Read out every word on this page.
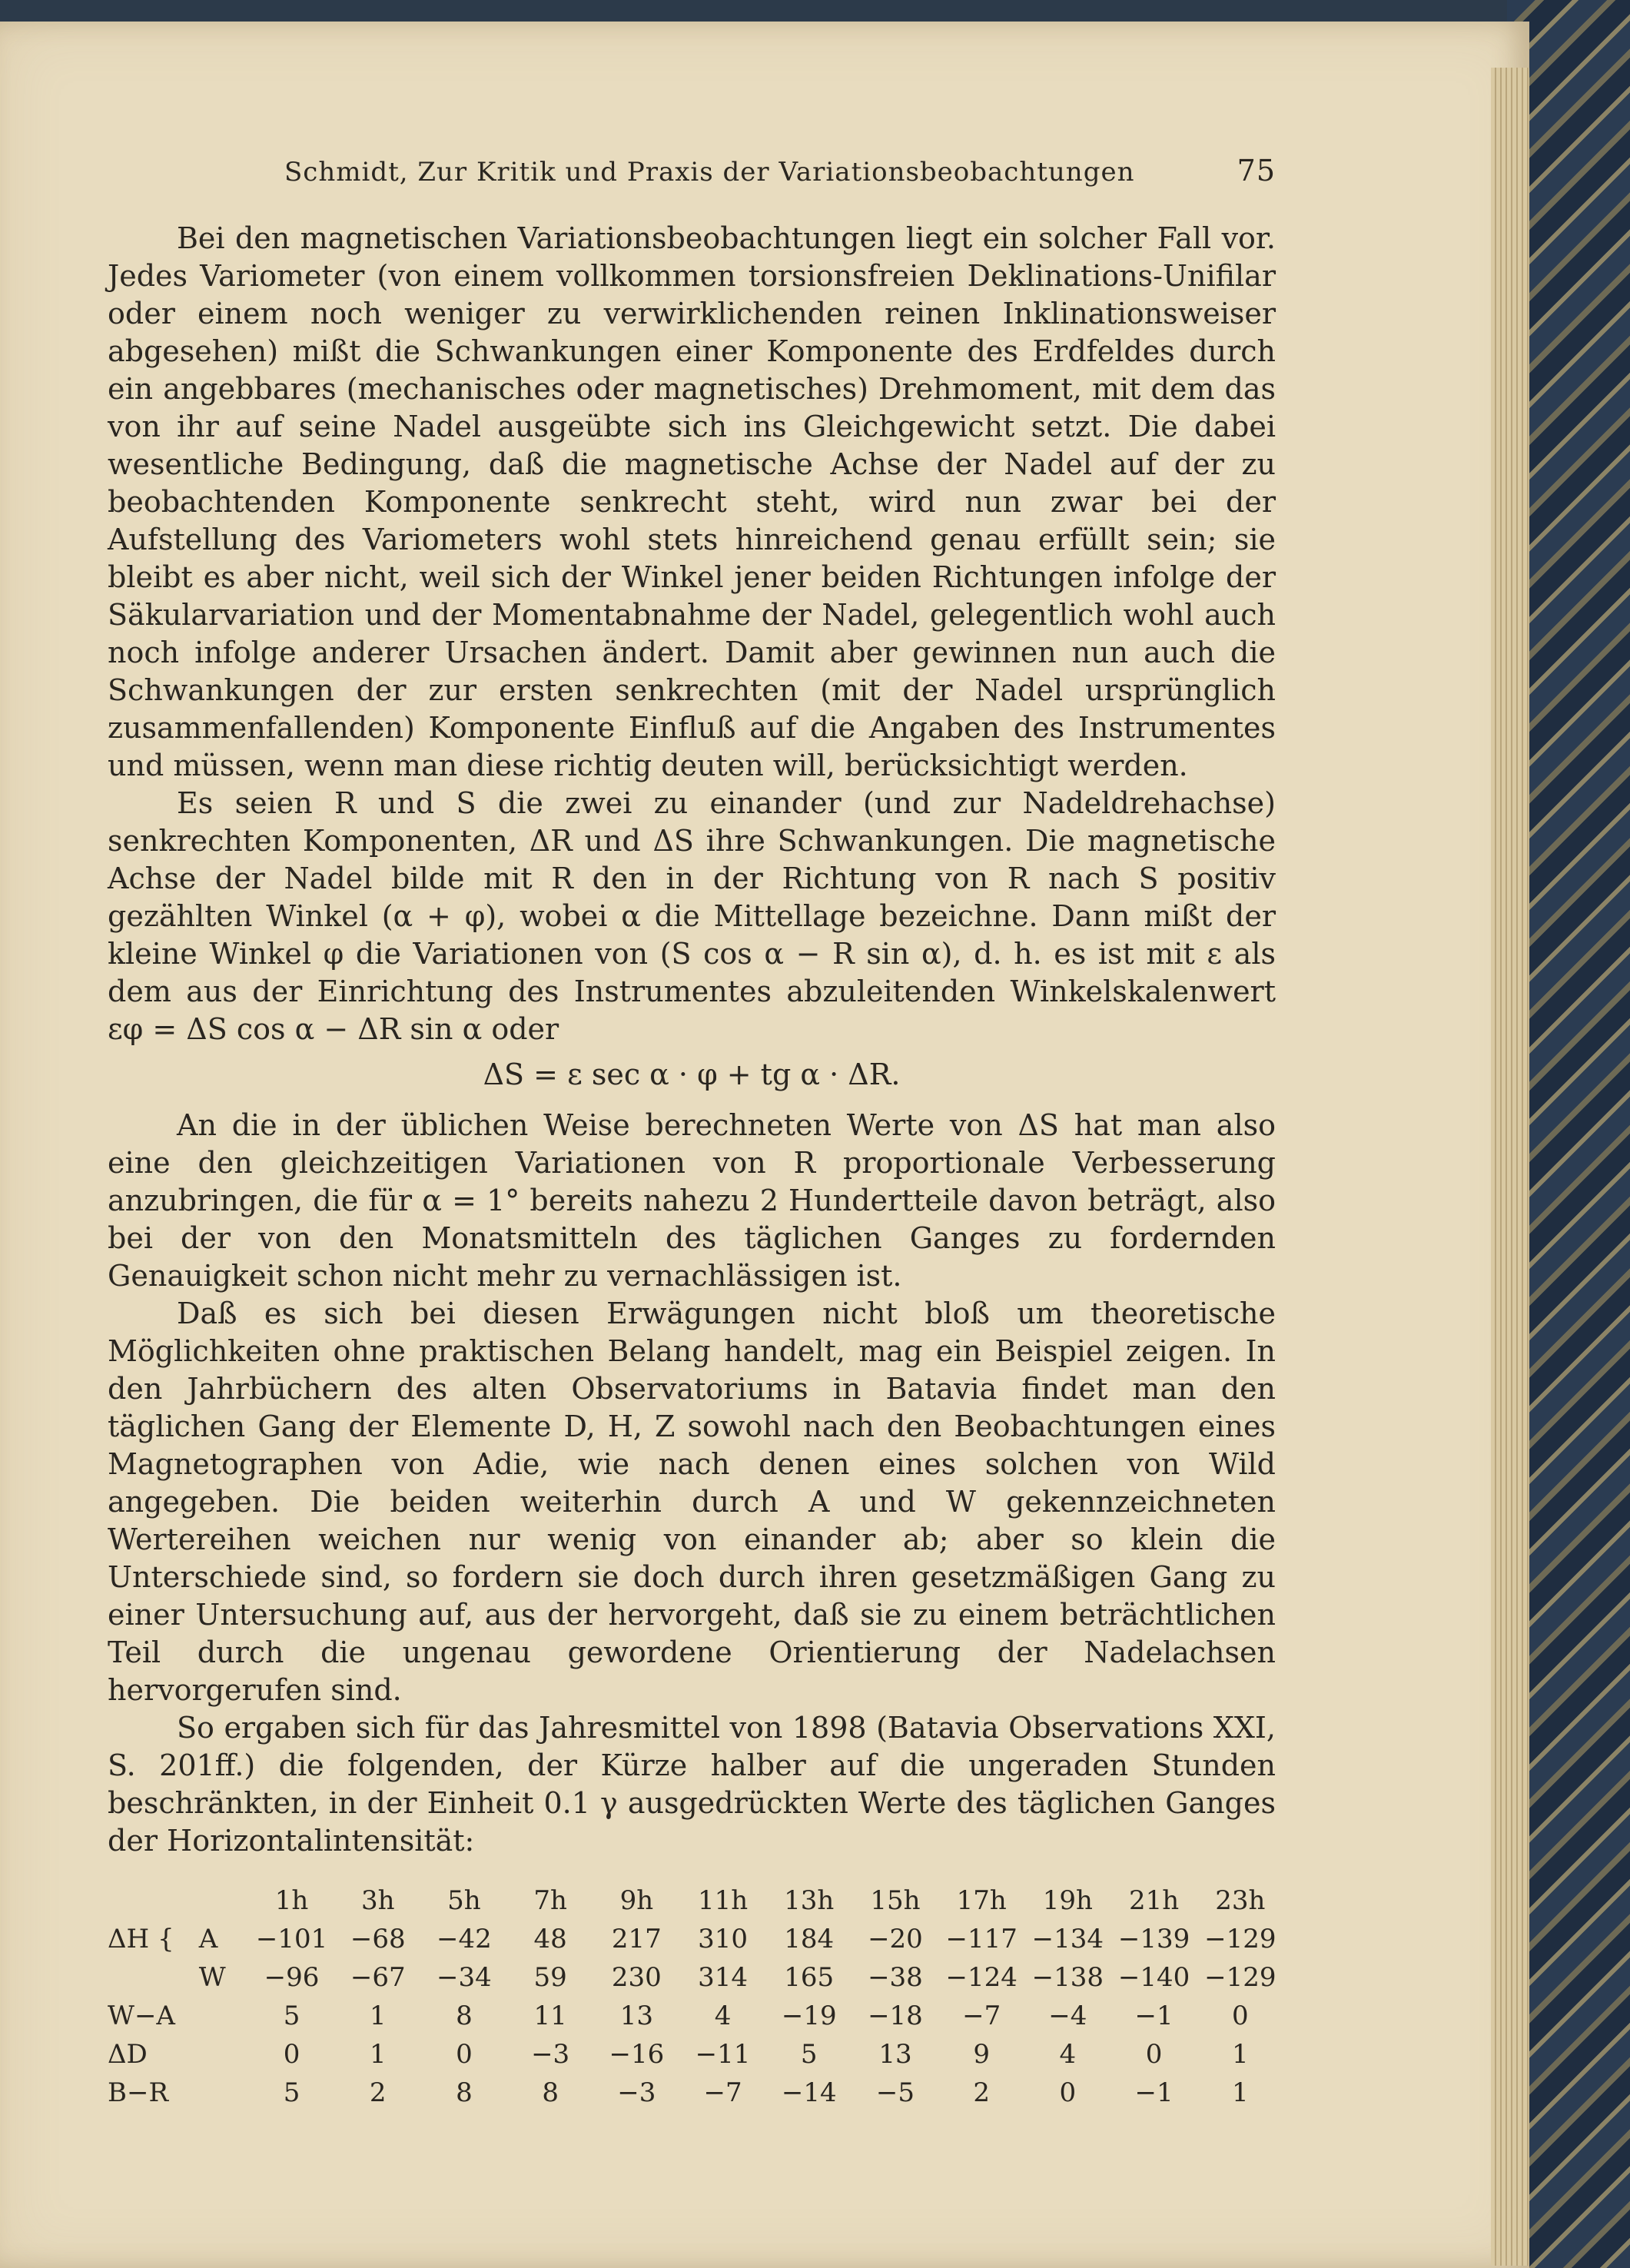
Schmidt, Zur Kritik und Praxis der Variationsbeobachtungen	75

Bei den magnetischen Variationsbeobachtungen liegt ein solcher Fall vor. Jedes Variometer (von einem vollkommen torsionsfreien Deklinations-Unifilar oder einem noch weniger zu verwirklichenden reinen Inklinationsweiser abgesehen) mißt die Schwankungen einer Komponente des Erdfeldes durch ein angebbares (mechanisches oder magnetisches) Drehmoment, mit dem das von ihr auf seine Nadel ausgeübte sich ins Gleichgewicht setzt. Die dabei wesentliche Bedingung, daß die magnetische Achse der Nadel auf der zu beobachtenden Komponente senkrecht steht, wird nun zwar bei der Aufstellung des Variometers wohl stets hinreichend genau erfüllt sein; sie bleibt es aber nicht, weil sich der Winkel jener beiden Richtungen infolge der Säkularvariation und der Momentabnahme der Nadel, gelegentlich wohl auch noch infolge anderer Ursachen ändert. Damit aber gewinnen nun auch die Schwankungen der zur ersten senkrechten (mit der Nadel ursprünglich zusammenfallenden) Komponente Einfluß auf die Angaben des Instrumentes und müssen, wenn man diese richtig deuten will, berücksichtigt werden.

Es seien R und S die zwei zu einander (und zur Nadeldrehachse) senkrechten Komponenten, ΔR und ΔS ihre Schwankungen. Die magnetische Achse der Nadel bilde mit R den in der Richtung von R nach S positiv gezählten Winkel (α + φ), wobei α die Mittellage bezeichne. Dann mißt der kleine Winkel φ die Variationen von (S cos α − R sin α), d. h. es ist mit ε als dem aus der Einrichtung des Instrumentes abzuleitenden Winkelskalenwert εφ = ΔS cos α − ΔR sin α oder

ΔS = ε sec α · φ + tg α · ΔR.

An die in der üblichen Weise berechneten Werte von ΔS hat man also eine den gleichzeitigen Variationen von R proportionale Verbesserung anzubringen, die für α = 1° bereits nahezu 2 Hundertteile davon beträgt, also bei der von den Monatsmitteln des täglichen Ganges zu fordernden Genauigkeit schon nicht mehr zu vernachlässigen ist.

Daß es sich bei diesen Erwägungen nicht bloß um theoretische Möglichkeiten ohne praktischen Belang handelt, mag ein Beispiel zeigen. In den Jahrbüchern des alten Observatoriums in Batavia findet man den täglichen Gang der Elemente D, H, Z sowohl nach den Beobachtungen eines Magnetographen von Adie, wie nach denen eines solchen von Wild angegeben. Die beiden weiterhin durch A und W gekennzeichneten Wertereihen weichen nur wenig von einander ab; aber so klein die Unterschiede sind, so fordern sie doch durch ihren gesetzmäßigen Gang zu einer Untersuchung auf, aus der hervorgeht, daß sie zu einem beträchtlichen Teil durch die ungenau gewordene Orientierung der Nadelachsen hervorgerufen sind.

So ergaben sich für das Jahresmittel von 1898 (Batavia Observations XXI, S. 201ff.) die folgenden, der Kürze halber auf die ungeraden Stunden beschränkten, in der Einheit 0.1 γ ausgedrückten Werte des täglichen Ganges der Horizontalintensität:

		1h	3h	5h	7h	9h	11h	13h	15h	17h	19h	21h	23h
ΔH {	A	−101	−68	−42	48	217	310	184	−20	−117	−134	−139	−129
	W	−96	−67	−34	59	230	314	165	−38	−124	−138	−140	−129
W−A		5	1	8	11	13	4	−19	−18	−7	−4	−1	0
ΔD		0	1	0	−3	−16	−11	5	13	9	4	0	1
B−R		5	2	8	8	−3	−7	−14	−5	2	0	−1	1
